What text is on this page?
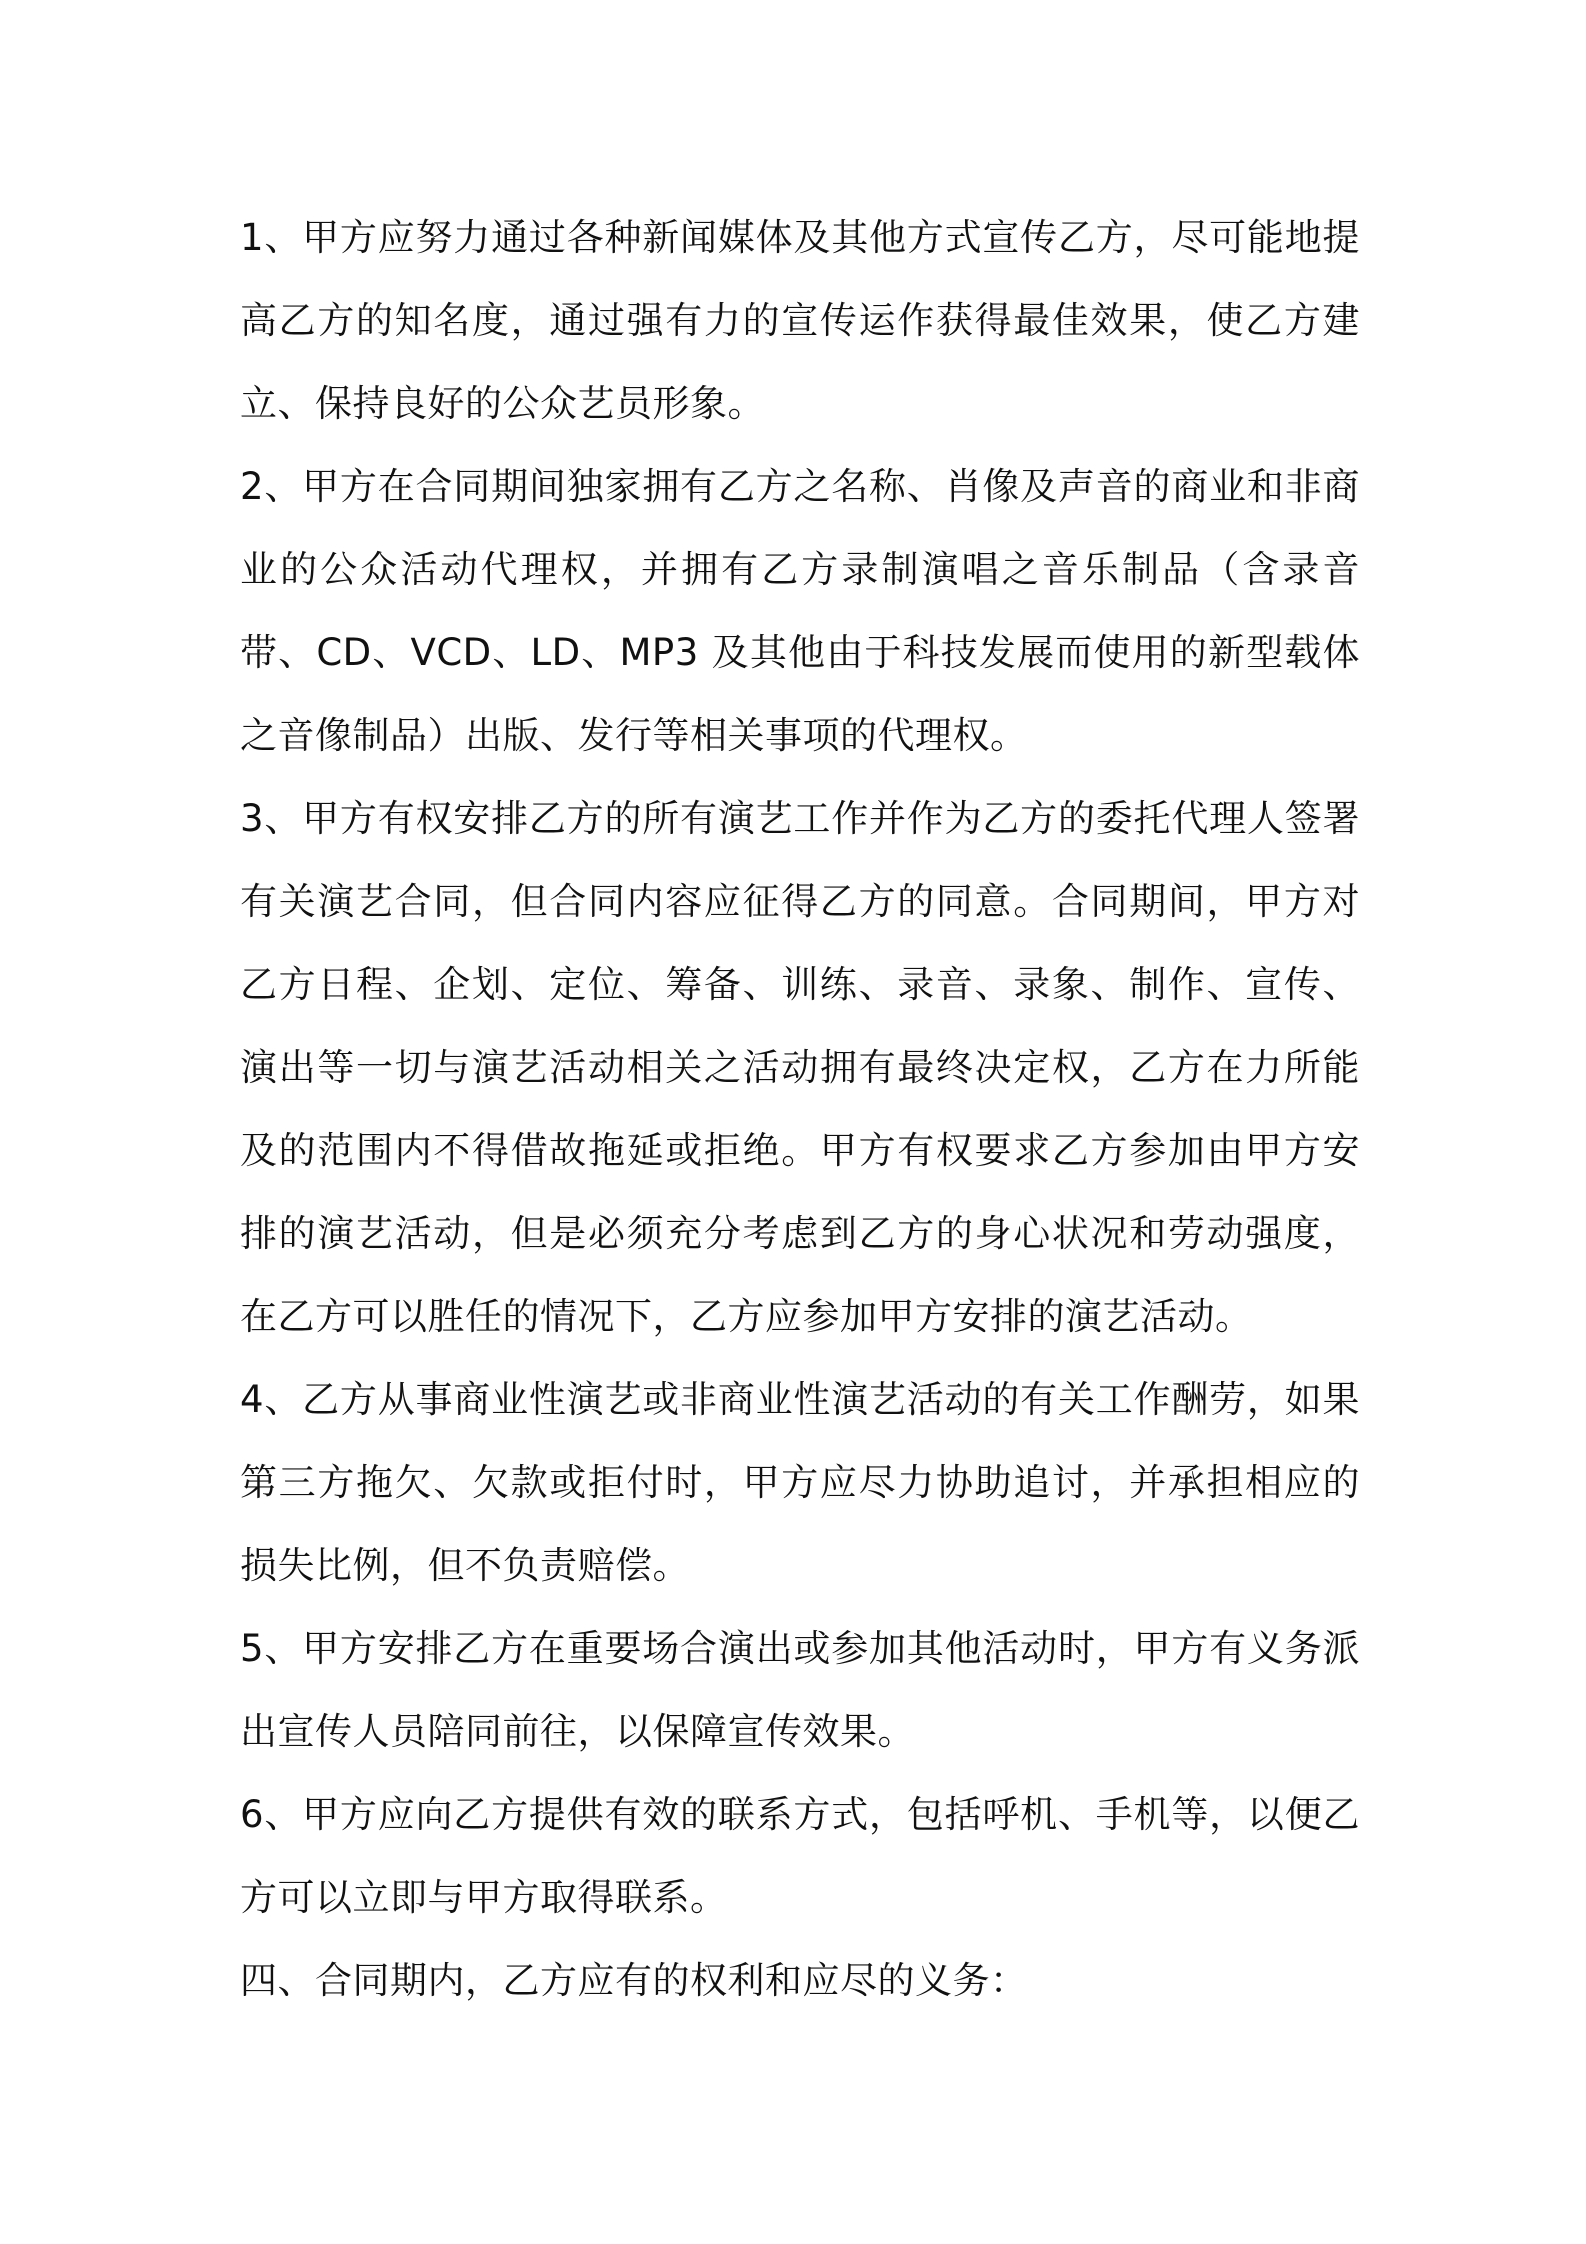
1、甲方应努力通过各种新闻媒体及其他方式宣传乙方，尽可能地提高乙方的知名度，通过强有力的宣传运作获得最佳效果，使乙方建立、保持良好的公众艺员形象。

2、甲方在合同期间独家拥有乙方之名称、肖像及声音的商业和非商业的公众活动代理权，并拥有乙方录制演唱之音乐制品（含录音带、CD、VCD、LD、MP3 及其他由于科技发展而使用的新型载体之音像制品）出版、发行等相关事项的代理权。

3、甲方有权安排乙方的所有演艺工作并作为乙方的委托代理人签署有关演艺合同，但合同内容应征得乙方的同意。合同期间，甲方对乙方日程、企划、定位、筹备、训练、录音、录象、制作、宣传、演出等一切与演艺活动相关之活动拥有最终决定权，乙方在力所能及的范围内不得借故拖延或拒绝。甲方有权要求乙方参加由甲方安排的演艺活动，但是必须充分考虑到乙方的身心状况和劳动强度，在乙方可以胜任的情况下，乙方应参加甲方安排的演艺活动。

4、乙方从事商业性演艺或非商业性演艺活动的有关工作酬劳，如果第三方拖欠、欠款或拒付时，甲方应尽力协助追讨，并承担相应的损失比例，但不负责赔偿。

5、甲方安排乙方在重要场合演出或参加其他活动时，甲方有义务派出宣传人员陪同前往，以保障宣传效果。

6、甲方应向乙方提供有效的联系方式，包括呼机、手机等，以便乙方可以立即与甲方取得联系。

四、合同期内，乙方应有的权利和应尽的义务：
